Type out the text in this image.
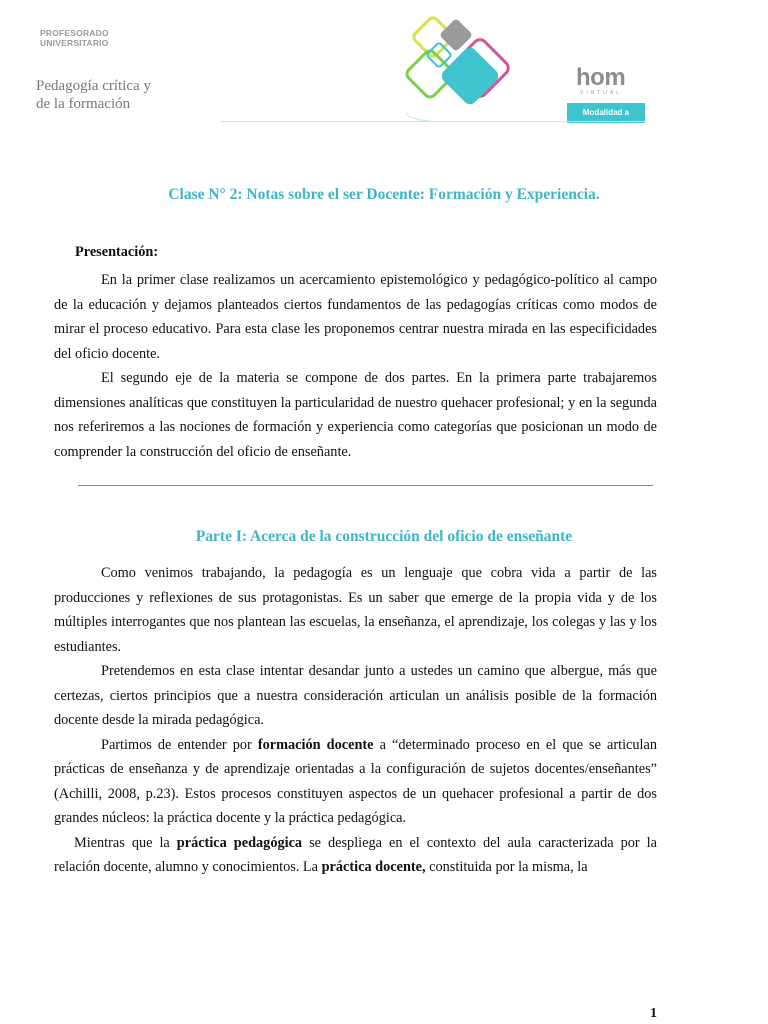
PROFESORADO
UNIVERSITARIO
Pedagogía crítica y
de la formación
hom
VIRTUAL
Modalidad a Distancia
Clase N° 2: Notas sobre el ser Docente: Formación y Experiencia.
Presentación:

En la primer clase realizamos un acercamiento epistemológico y pedagógico-político al campo de la educación y dejamos planteados ciertos fundamentos de las pedagogías críticas como modos de mirar el proceso educativo. Para esta clase les proponemos centrar nuestra mirada en las especificidades del oficio docente.

El segundo eje de la materia se compone de dos partes. En la primera parte trabajaremos dimensiones analíticas que constituyen la particularidad de nuestro quehacer profesional; y en la segunda nos referiremos a las nociones de formación y experiencia como categorías que posicionan un modo de comprender la construcción del oficio de enseñante.

Parte I: Acerca de la construcción del oficio de enseñante

Como venimos trabajando, la pedagogía es un lenguaje que cobra vida a partir de las producciones y reflexiones de sus protagonistas. Es un saber que emerge de la propia vida y de los múltiples interrogantes que nos plantean las escuelas, la enseñanza, el aprendizaje, los colegas y las y los estudiantes.

Pretendemos en esta clase intentar desandar junto a ustedes un camino que albergue, más que certezas, ciertos principios que a nuestra consideración articulan un análisis posible de la formación docente desde la mirada pedagógica.

Partimos de entender por formación docente a “determinado proceso en el que se articulan prácticas de enseñanza y de aprendizaje orientadas a la configuración de sujetos docentes/enseñantes” (Achilli, 2008, p.23). Estos procesos constituyen aspectos de un quehacer profesional a partir de dos grandes núcleos: la práctica docente y la práctica pedagógica.

Mientras que la práctica pedagógica se despliega en el contexto del aula caracterizada por la relación docente, alumno y conocimientos. La práctica docente, constituida por la misma, la

1
